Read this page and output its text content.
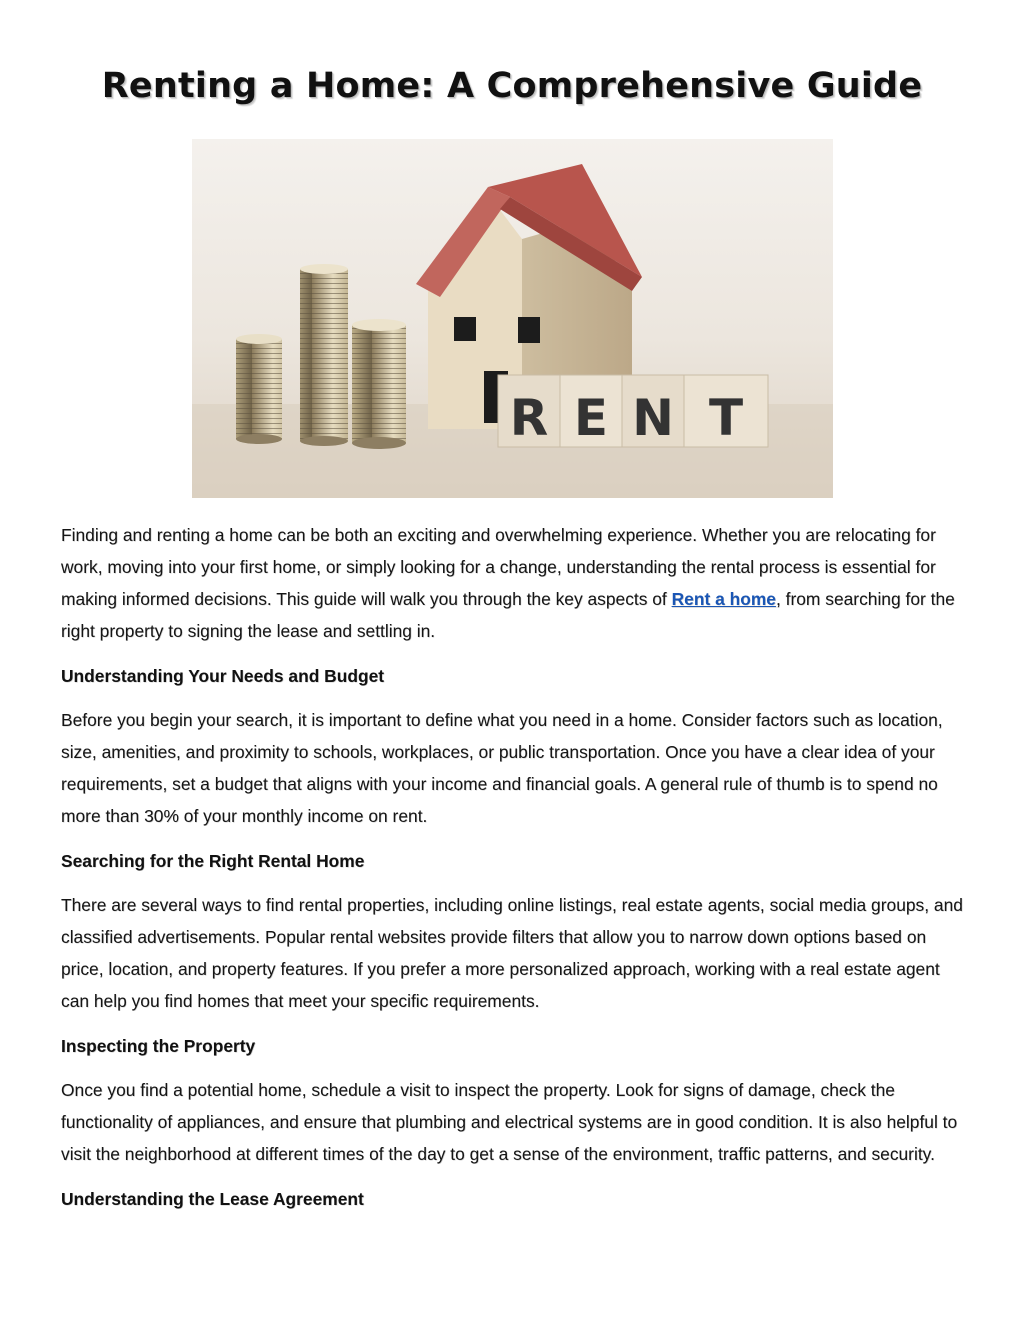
Renting a Home: A Comprehensive Guide
R E N T

Finding and renting a home can be both an exciting and overwhelming experience. Whether you are relocating for work, moving into your first home, or simply looking for a change, understanding the rental process is essential for making informed decisions. This guide will walk you through the key aspects of Rent a home, from searching for the right property to signing the lease and settling in.

Understanding Your Needs and Budget

Before you begin your search, it is important to define what you need in a home. Consider factors such as location, size, amenities, and proximity to schools, workplaces, or public transportation. Once you have a clear idea of your requirements, set a budget that aligns with your income and financial goals. A general rule of thumb is to spend no more than 30% of your monthly income on rent.

Searching for the Right Rental Home

There are several ways to find rental properties, including online listings, real estate agents, social media groups, and classified advertisements. Popular rental websites provide filters that allow you to narrow down options based on price, location, and property features. If you prefer a more personalized approach, working with a real estate agent can help you find homes that meet your specific requirements.

Inspecting the Property

Once you find a potential home, schedule a visit to inspect the property. Look for signs of damage, check the functionality of appliances, and ensure that plumbing and electrical systems are in good condition. It is also helpful to visit the neighborhood at different times of the day to get a sense of the environment, traffic patterns, and security.

Understanding the Lease Agreement
